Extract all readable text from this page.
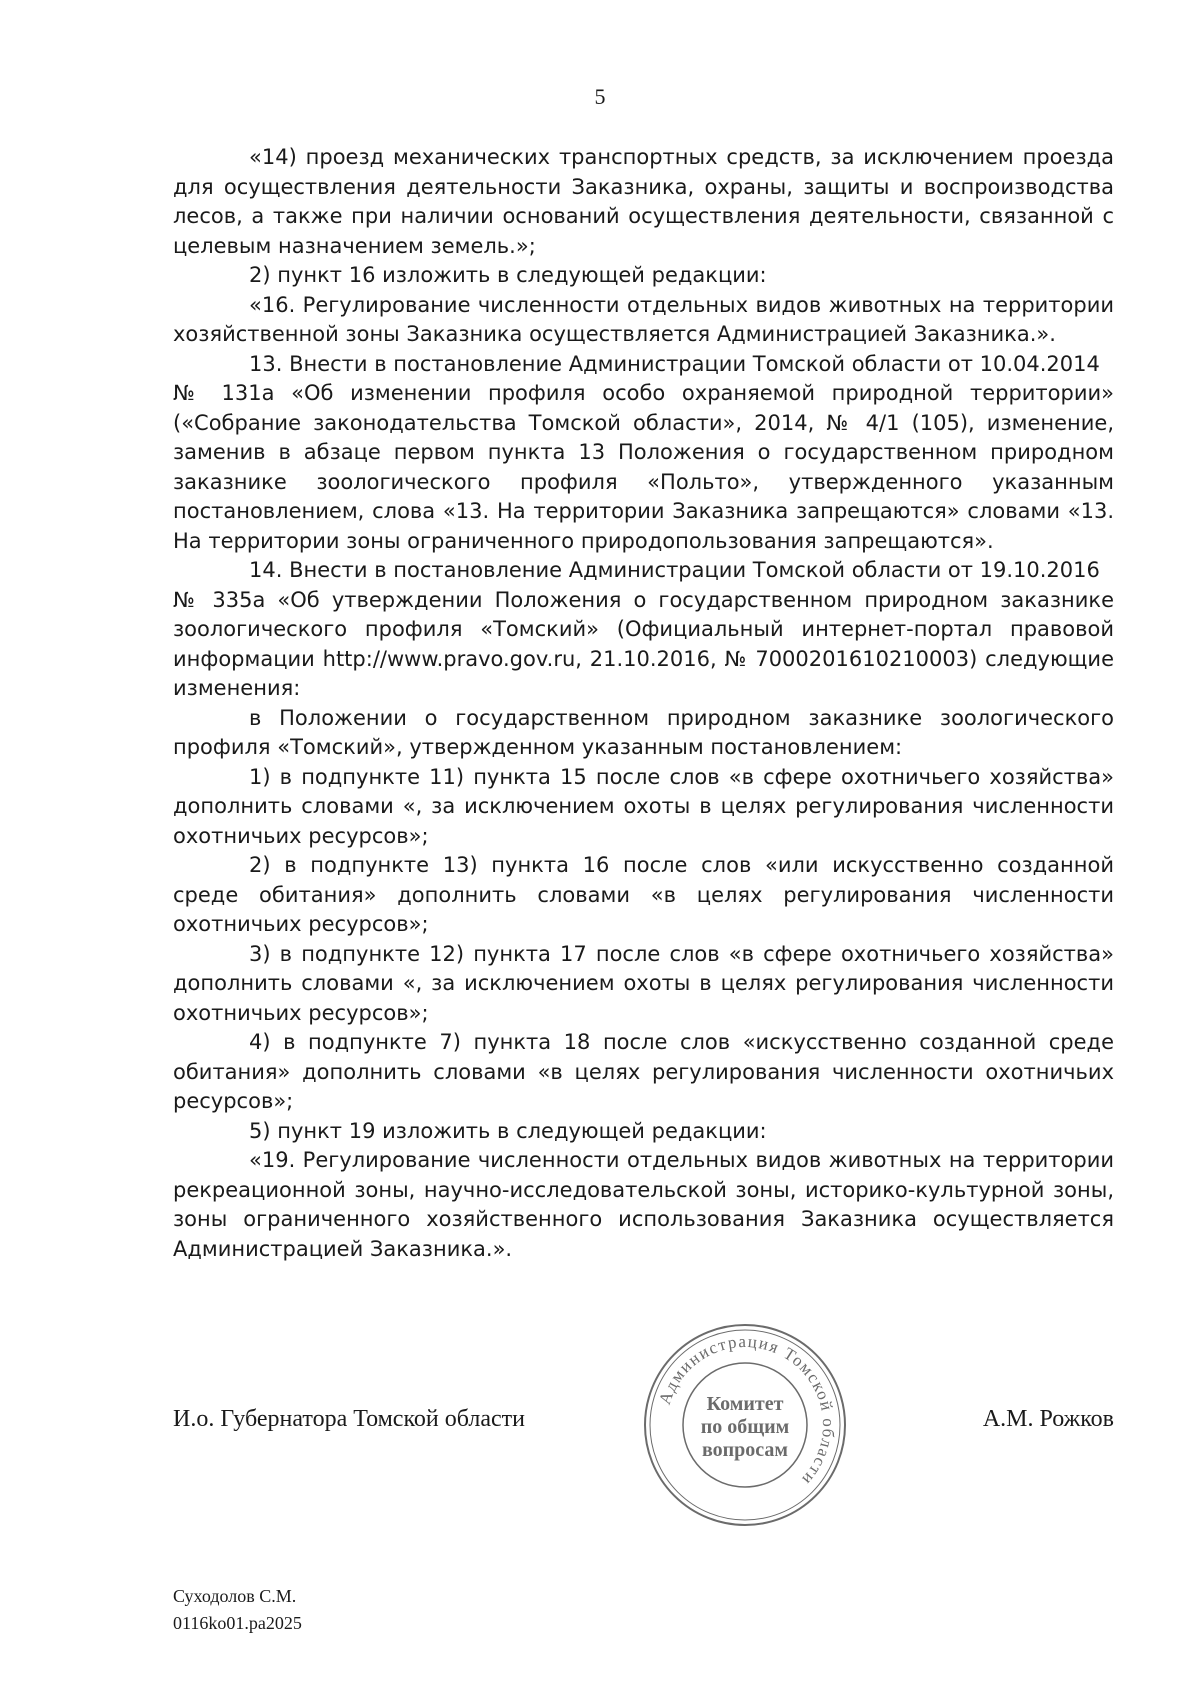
5

«14) проезд механических транспортных средств, за исключением проезда для осуществления деятельности Заказника, охраны, защиты и воспроизводства лесов, а также при наличии оснований осуществления деятельности, связанной с целевым назначением земель.»;

2) пункт 16 изложить в следующей редакции:

«16. Регулирование численности отдельных видов животных на территории хозяйственной зоны Заказника осуществляется Администрацией Заказника.».

13. Внести в постановление Администрации Томской области от 10.04.2014

№ 131а «Об изменении профиля особо охраняемой природной территории» («Собрание законодательства Томской области», 2014, № 4/1 (105), изменение, заменив в абзаце первом пункта 13 Положения о государственном природном заказнике зоологического профиля «Польто», утвержденного указанным постановлением, слова «13. На территории Заказника запрещаются» словами «13. На территории зоны ограниченного природопользования запрещаются».

14. Внести в постановление Администрации Томской области от 19.10.2016

№ 335а «Об утверждении Положения о государственном природном заказнике зоологического профиля «Томский» (Официальный интернет-портал правовой информации http://www.pravo.gov.ru, 21.10.2016, № 7000201610210003) следующие изменения:

в Положении о государственном природном заказнике зоологического профиля «Томский», утвержденном указанным постановлением:

1) в подпункте 11) пункта 15 после слов «в сфере охотничьего хозяйства» дополнить словами «, за исключением охоты в целях регулирования численности охотничьих ресурсов»;

2) в подпункте 13) пункта 16 после слов «или искусственно созданной среде обитания» дополнить словами «в целях регулирования численности охотничьих ресурсов»;

3) в подпункте 12) пункта 17 после слов «в сфере охотничьего хозяйства» дополнить словами «, за исключением охоты в целях регулирования численности охотничьих ресурсов»;

4) в подпункте 7) пункта 18 после слов «искусственно созданной среде обитания» дополнить словами «в целях регулирования численности охотничьих ресурсов»;

5) пункт 19 изложить в следующей редакции:

«19. Регулирование численности отдельных видов животных на территории рекреационной зоны, научно-исследовательской зоны, историко-культурной зоны, зоны ограниченного хозяйственного использования Заказника осуществляется Администрацией Заказника.».

И.о. Губернатора Томской области
Администрация Томской области
Комитет
по общим
вопросам
А.М. Рожков
Суходолов С.М.
0116ko01.pa2025
